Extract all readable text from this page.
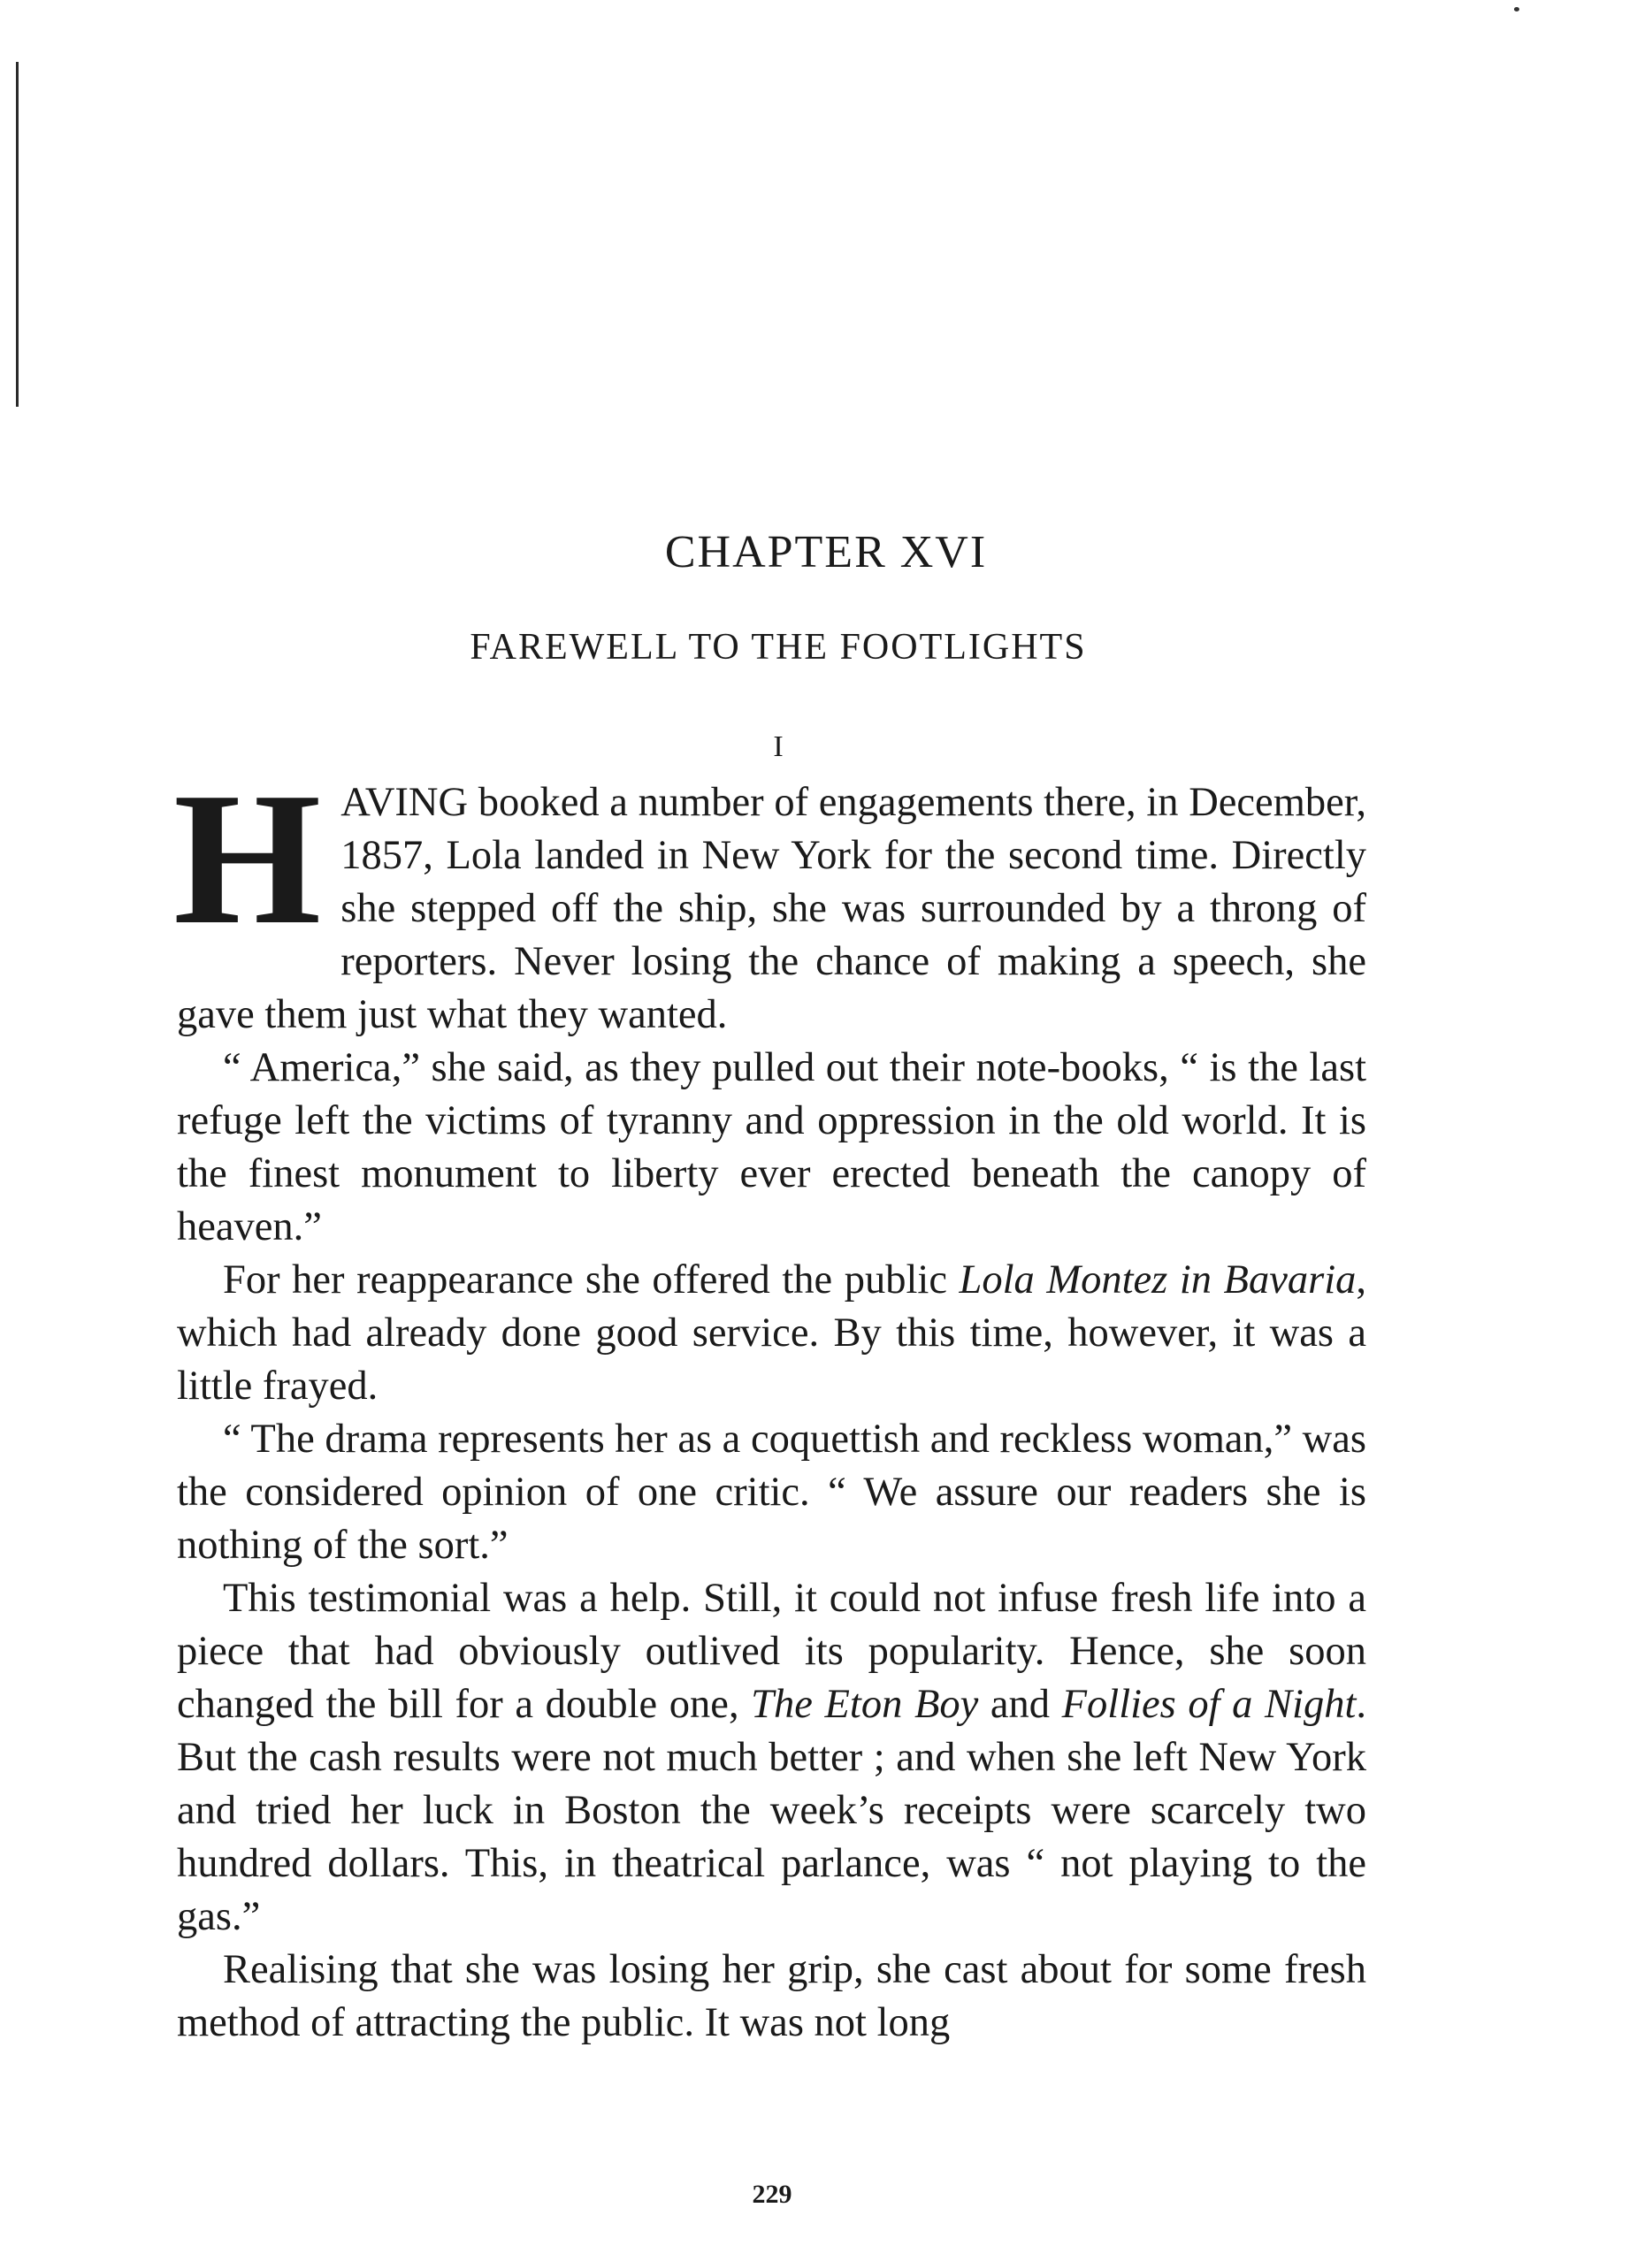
CHAPTER XVI
FAREWELL TO THE FOOTLIGHTS
I

HAVING booked a number of engagements there, in December, 1857, Lola landed in New York for the second time. Directly she stepped off the ship, she was surrounded by a throng of reporters. Never losing the chance of making a speech, she gave them just what they wanted.

“ America,” she said, as they pulled out their note-books, “ is the last refuge left the victims of tyranny and oppression in the old world. It is the finest monument to liberty ever erected beneath the canopy of heaven.”

For her reappearance she offered the public Lola Montez in Bavaria, which had already done good service. By this time, however, it was a little frayed.

“ The drama represents her as a coquettish and reckless woman,” was the considered opinion of one critic. “ We assure our readers she is nothing of the sort.”

This testimonial was a help. Still, it could not infuse fresh life into a piece that had obviously outlived its popularity. Hence, she soon changed the bill for a double one, The Eton Boy and Follies of a Night. But the cash results were not much better ; and when she left New York and tried her luck in Boston the week’s receipts were scarcely two hundred dollars. This, in theatrical parlance, was “ not playing to the gas.”

Realising that she was losing her grip, she cast about for some fresh method of attracting the public. It was not long

229
